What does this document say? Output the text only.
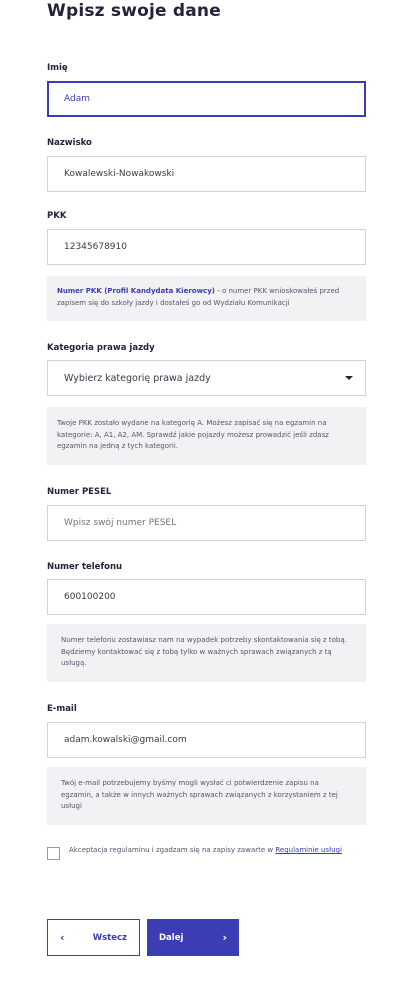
Wpisz swoje dane
Imię
Adam
Nazwisko
Kowalewski-Nowakowski
PKK
12345678910
Numer PKK (Profil Kandydata Kierowcy) - o numer PKK wnioskowałeś przed zapisem się do szkoły jazdy i dostałeś go od Wydziału Komunikacji
Kategoria prawa jazdy
Wybierz kategorię prawa jazdy
Twoje PKK zostało wydane na kategorię A. Możesz zapisać się na egzamin na kategorie: A, A1, A2, AM. Sprawdź jakie pojazdy możesz prowadzić jeśli zdasz egzamin na jedną z tych kategorii.
Numer PESEL
Wpisz swój numer PESEL
Numer telefonu
600100200
Numer telefonu zostawiasz nam na wypadek potrzeby skontaktowania się z tobą. Będziemy kontaktować się z tobą tylko w ważnych sprawach związanych z tą usługą.
E-mail
adam.kowalski@gmail.com
Twój e-mail potrzebujemy byśmy mogli wysłać ci potwierdzenie zapisu na egzamin, a także w innych ważnych sprawach związanych z korzystaniem z tej usługi
Akceptacja regulaminu i zgadzam się na zapisy zawarte w Regulaminie usługi
‹	Wstecz	Dalej	›
